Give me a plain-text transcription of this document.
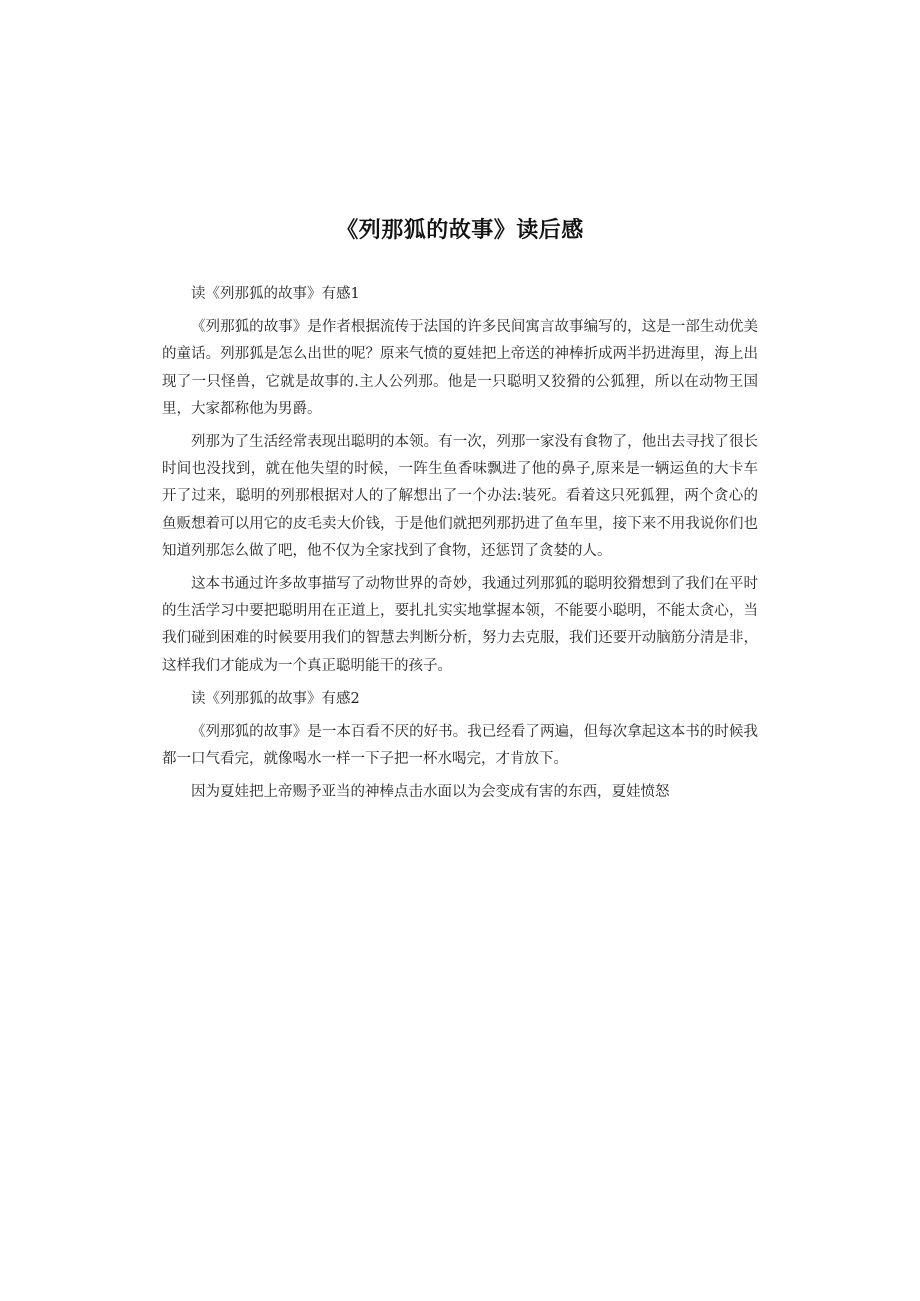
《列那狐的故事》读后感

读《列那狐的故事》有感1

《列那狐的故事》是作者根据流传于法国的许多民间寓言故事编写的，这是一部生动优美的童话。列那狐是怎么出世的呢？原来气愤的夏娃把上帝送的神棒折成两半扔进海里，海上出现了一只怪兽，它就是故事的.主人公列那。他是一只聪明又狡猾的公狐狸，所以在动物王国里，大家都称他为男爵。

列那为了生活经常表现出聪明的本领。有一次，列那一家没有食物了，他出去寻找了很长时间也没找到，就在他失望的时候，一阵生鱼香味飘进了他的鼻子,原来是一辆运鱼的大卡车开了过来，聪明的列那根据对人的了解想出了一个办法:装死。看着这只死狐狸，两个贪心的鱼贩想着可以用它的皮毛卖大价钱，于是他们就把列那扔进了鱼车里，接下来不用我说你们也知道列那怎么做了吧，他不仅为全家找到了食物，还惩罚了贪婪的人。

这本书通过许多故事描写了动物世界的奇妙，我通过列那狐的聪明狡猾想到了我们在平时的生活学习中要把聪明用在正道上，要扎扎实实地掌握本领，不能要小聪明，不能太贪心，当我们碰到困难的时候要用我们的智慧去判断分析，努力去克服，我们还要开动脑筋分清是非，这样我们才能成为一个真正聪明能干的孩子。

读《列那狐的故事》有感2

《列那狐的故事》是一本百看不厌的好书。我已经看了两遍，但每次拿起这本书的时候我都一口气看完，就像喝水一样一下子把一杯水喝完，才肯放下。

因为夏娃把上帝赐予亚当的神棒点击水面以为会变成有害的东西，夏娃愤怒
